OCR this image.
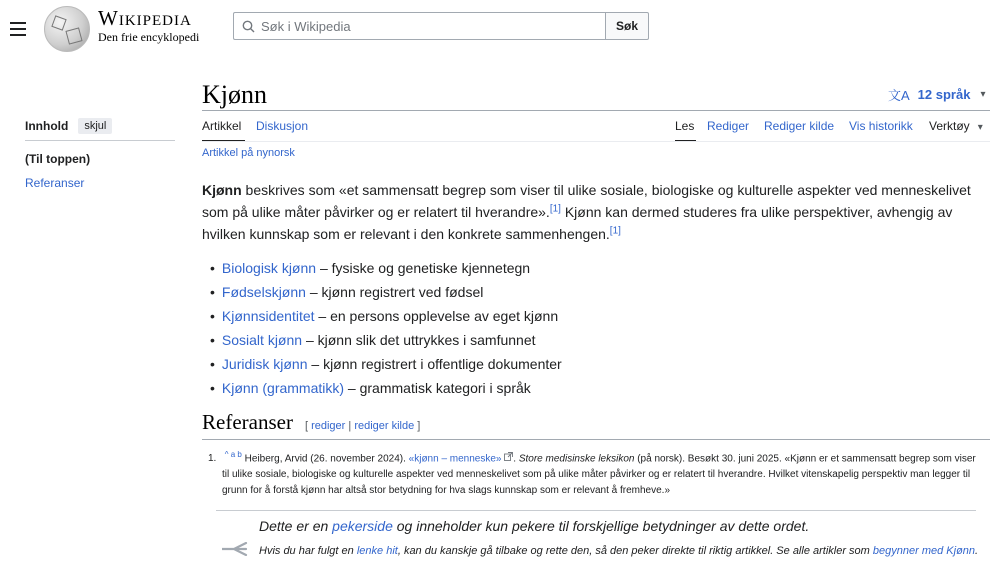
Wikipedia
Den frie encyklopedi
Søk i Wikipedia	Søk
Kjønn	文A 12 språk ▾
Innhold	skjul
(Til toppen)
Referanser
Artikkel Diskusjon	Les Rediger Rediger kilde Vis historikk Verktøy ▾
Artikkel på nynorsk
Kjønn beskrives som «et sammensatt begrep som viser til ulike sosiale, biologiske og kulturelle aspekter ved menneskelivet som på ulike måter påvirker og er relatert til hverandre».[1] Kjønn kan dermed studeres fra ulike perspektiver, avhengig av hvilken kunnskap som er relevant i den konkrete sammenhengen.[1]
• Biologisk kjønn – fysiske og genetiske kjennetegn
• Fødselskjønn – kjønn registrert ved fødsel
• Kjønnsidentitet – en persons opplevelse av eget kjønn
• Sosialt kjønn – kjønn slik det uttrykkes i samfunnet
• Juridisk kjønn – kjønn registrert i offentlige dokumenter
• Kjønn (grammatikk) – grammatisk kategori i språk
Referanser [ rediger | rediger kilde ]
1. $^{\^{} a b}$ Heiberg, Arvid (26. november 2024). «kjønn – menneske» . Store medisinske leksikon (på norsk). Besøkt 30. juni 2025. «Kjønn er et sammensatt begrep som viser til ulike sosiale, biologiske og kulturelle aspekter ved menneskelivet som på ulike måter påvirker og er relatert til hverandre. Hvilket vitenskapelig perspektiv man legger til grunn for å forstå kjønn har altså stor betydning for hva slags kunnskap som er relevant å fremheve.»
Dette er en pekerside og inneholder kun pekere til forskjellige betydninger av dette ordet.
Hvis du har fulgt en lenke hit, kan du kanskje gå tilbake og rette den, så den peker direkte til riktig artikkel. Se alle artikler som begynner med Kjønn.
